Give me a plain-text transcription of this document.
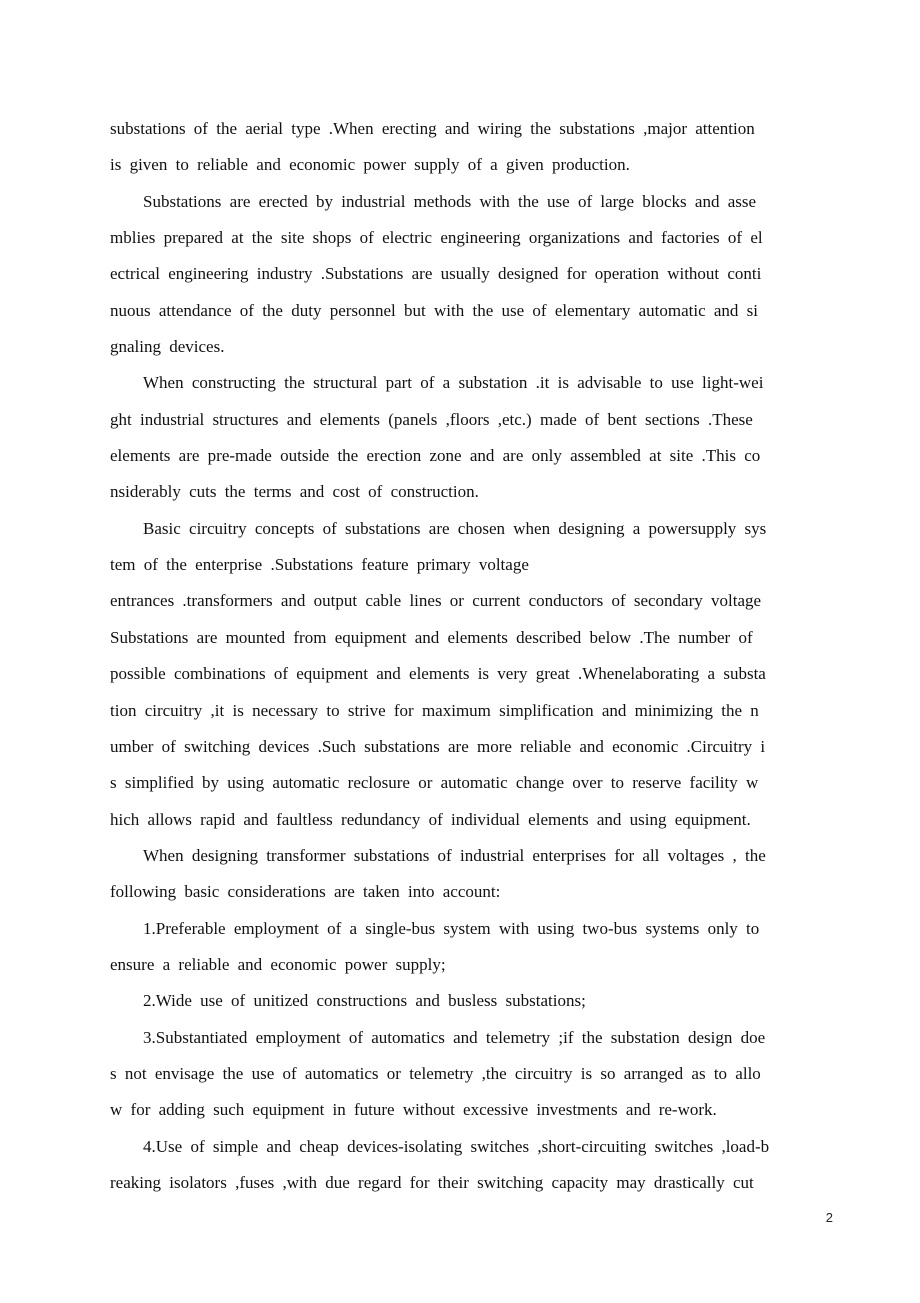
substations of the aerial type .When erecting and wiring the substations ,major attention
is given to reliable and economic power supply of a given production.
Substations are erected by industrial methods with the use of large blocks and asse
mblies prepared at the site shops of electric engineering organizations and factories of el
ectrical engineering industry .Substations are usually designed for operation without conti
nuous attendance of the duty personnel but with the use of elementary automatic and si
gnaling devices.
When constructing the structural part of a substation .it is advisable to use light-wei
ght industrial structures and elements (panels ,floors ,etc.) made of bent sections .These
elements are pre-made outside the erection zone and are only assembled at site .This co
nsiderably cuts the terms and cost of construction.
Basic circuitry concepts of substations are chosen when designing a powersupply sys
tem of the enterprise .Substations feature primary voltage
entrances .transformers and output cable lines or current conductors of secondary voltage
Substations are mounted from equipment and elements described below .The number of
possible combinations of equipment and elements is very great .Whenelaborating a substa
tion circuitry ,it is necessary to strive for maximum simplification and minimizing the n
umber of switching devices .Such substations are more reliable and economic .Circuitry i
s simplified by using automatic reclosure or automatic change over to reserve facility w
hich allows rapid and faultless redundancy of individual elements and using equipment.
When designing transformer substations of industrial enterprises for all voltages , the
following basic considerations are taken into account:
1.Preferable employment of a single-bus system with using two-bus systems only to
ensure a reliable and economic power supply;
2.Wide use of unitized constructions and busless substations;
3.Substantiated employment of automatics and telemetry ;if the substation design doe
s not envisage the use of automatics or telemetry ,the circuitry is so arranged as to allo
w for adding such equipment in future without excessive investments and re-work.
4.Use of simple and cheap devices-isolating switches ,short-circuiting switches ,load-b
reaking isolators ,fuses ,with due regard for their switching capacity may drastically cut
2
